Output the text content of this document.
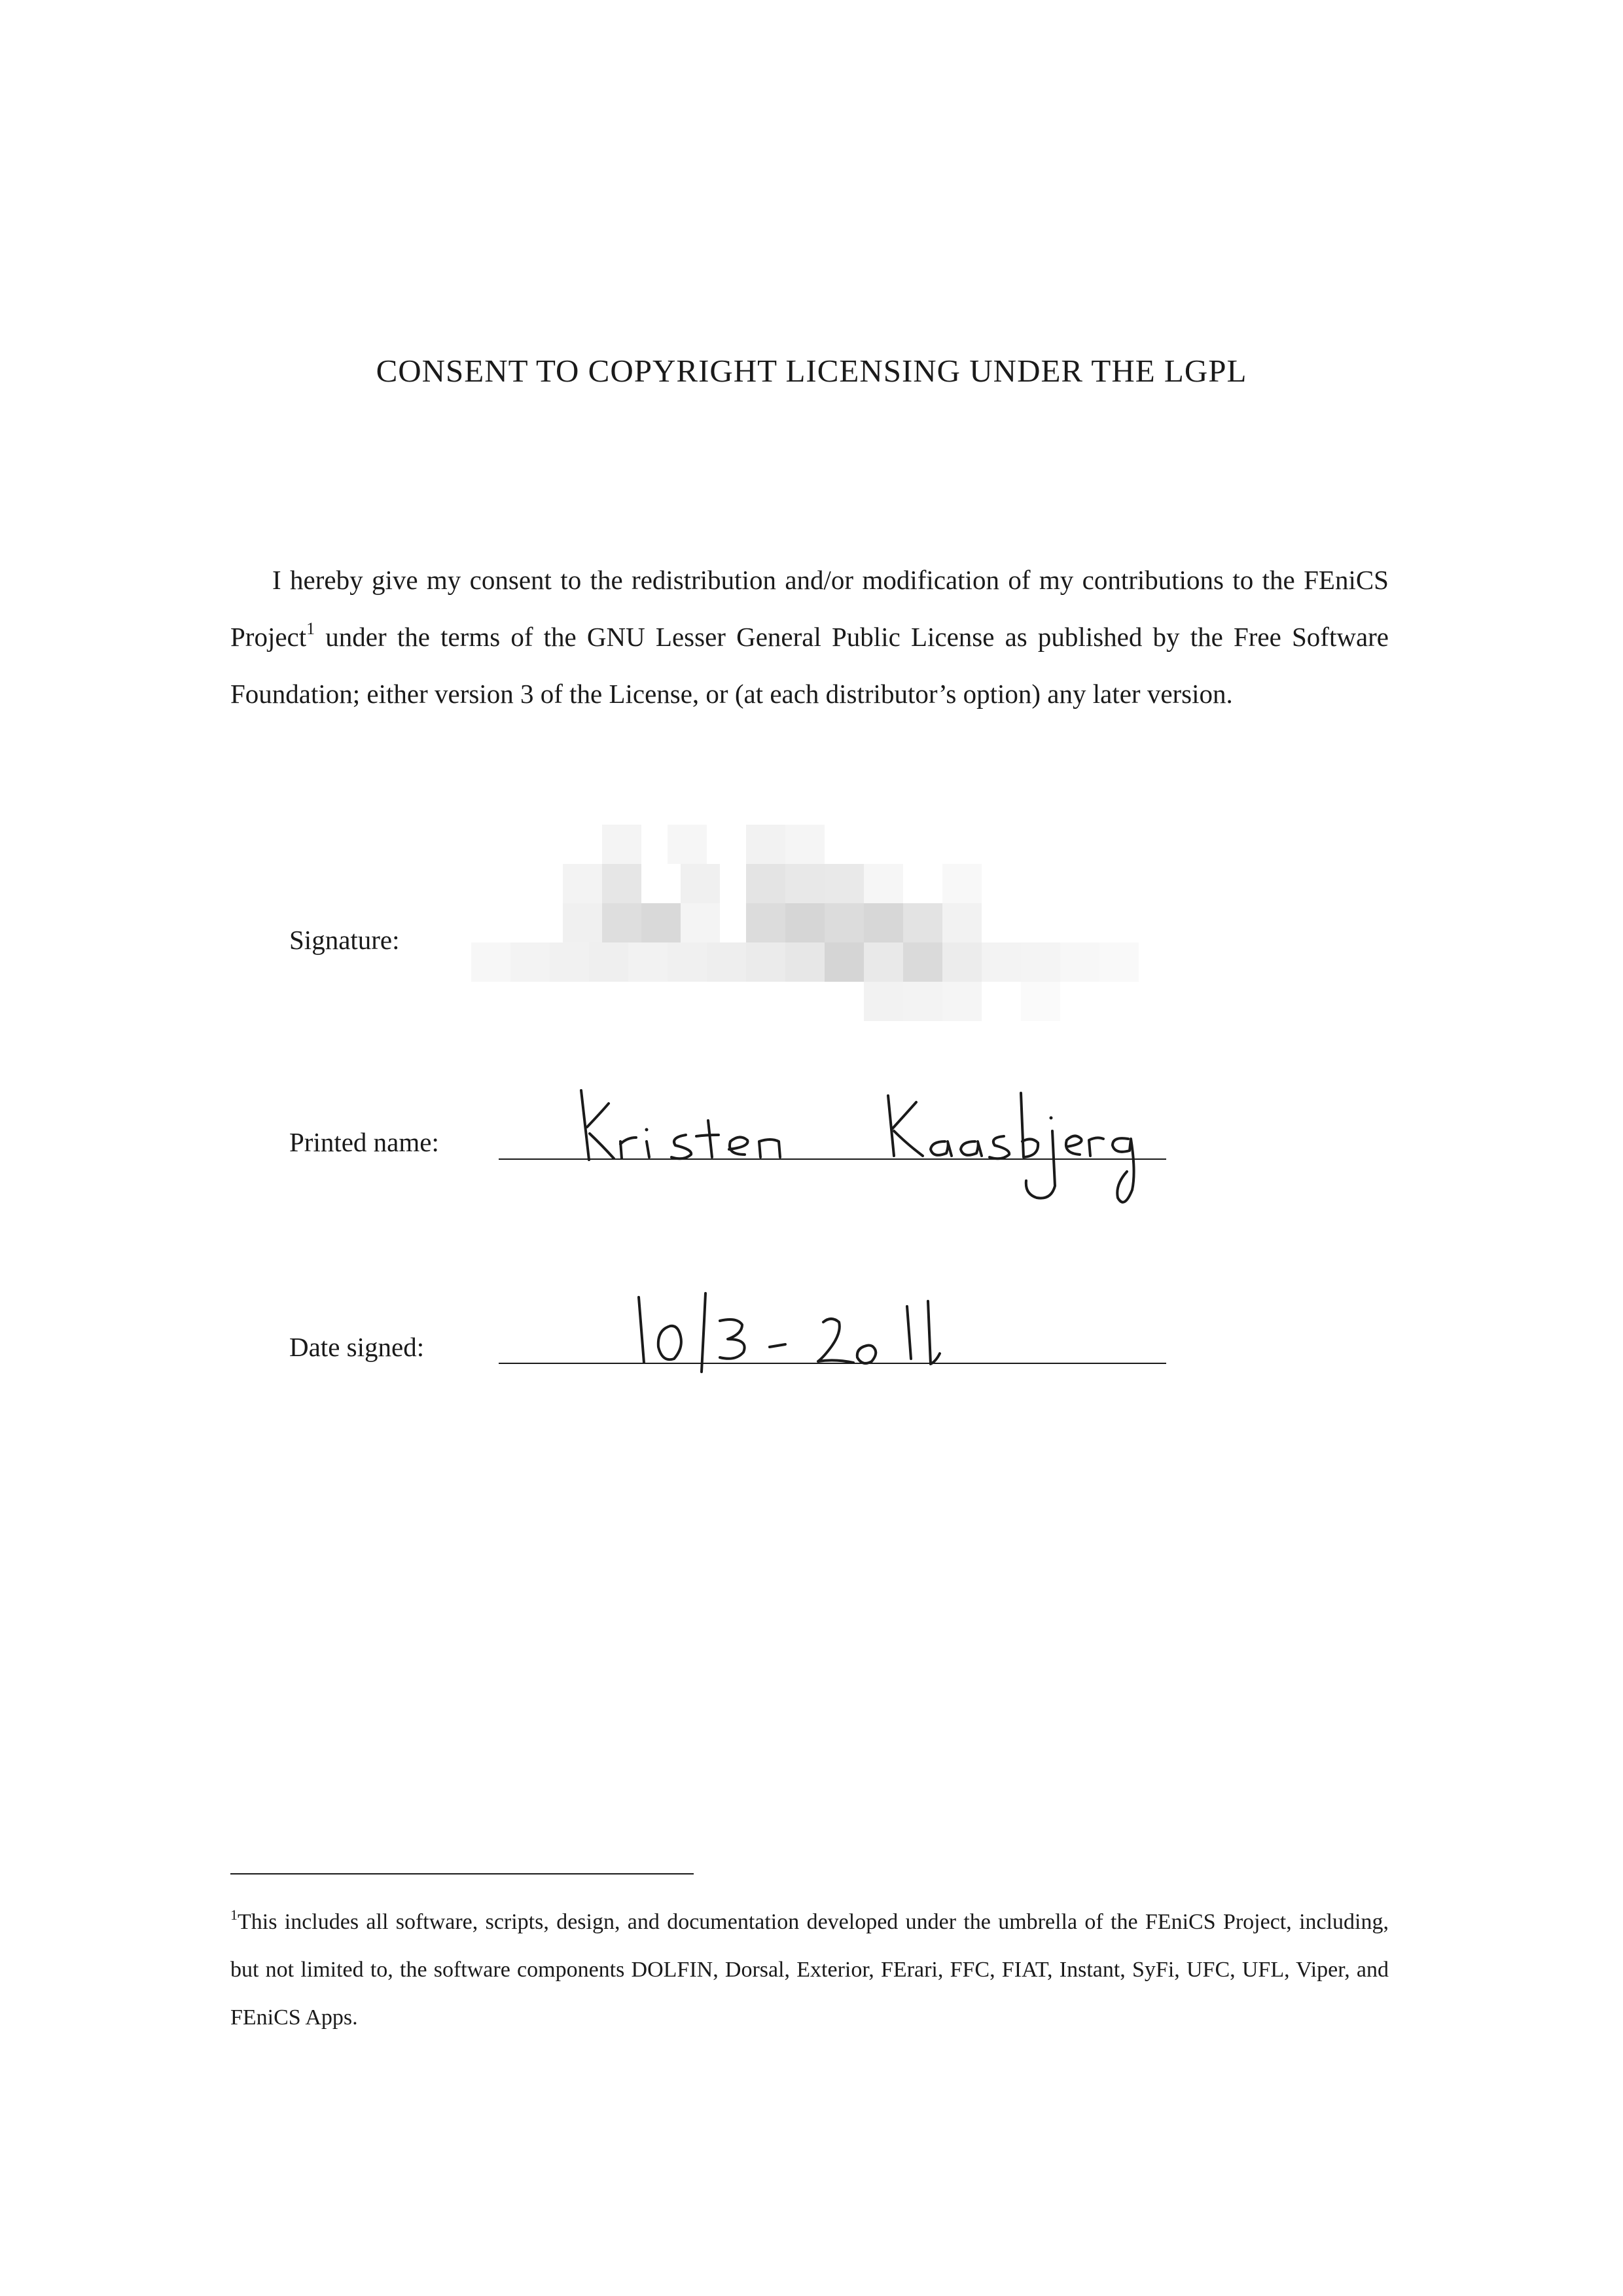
CONSENT TO COPYRIGHT LICENSING UNDER THE LGPL

I hereby give my consent to the redistribution and/or modification of my contributions to the FEniCS Project$^1$ under the terms of the GNU Lesser General Public License as published by the Free Software Foundation; either version 3 of the License, or (at each distributor’s option) any later version.

Signature:
Printed name:
Date signed:

$^1$This includes all software, scripts, design, and documentation developed under the umbrella of the FEniCS Project, including, but not limited to, the software components DOLFIN, Dorsal, Exterior, FErari, FFC, FIAT, Instant, SyFi, UFC, UFL, Viper, and FEniCS Apps.
